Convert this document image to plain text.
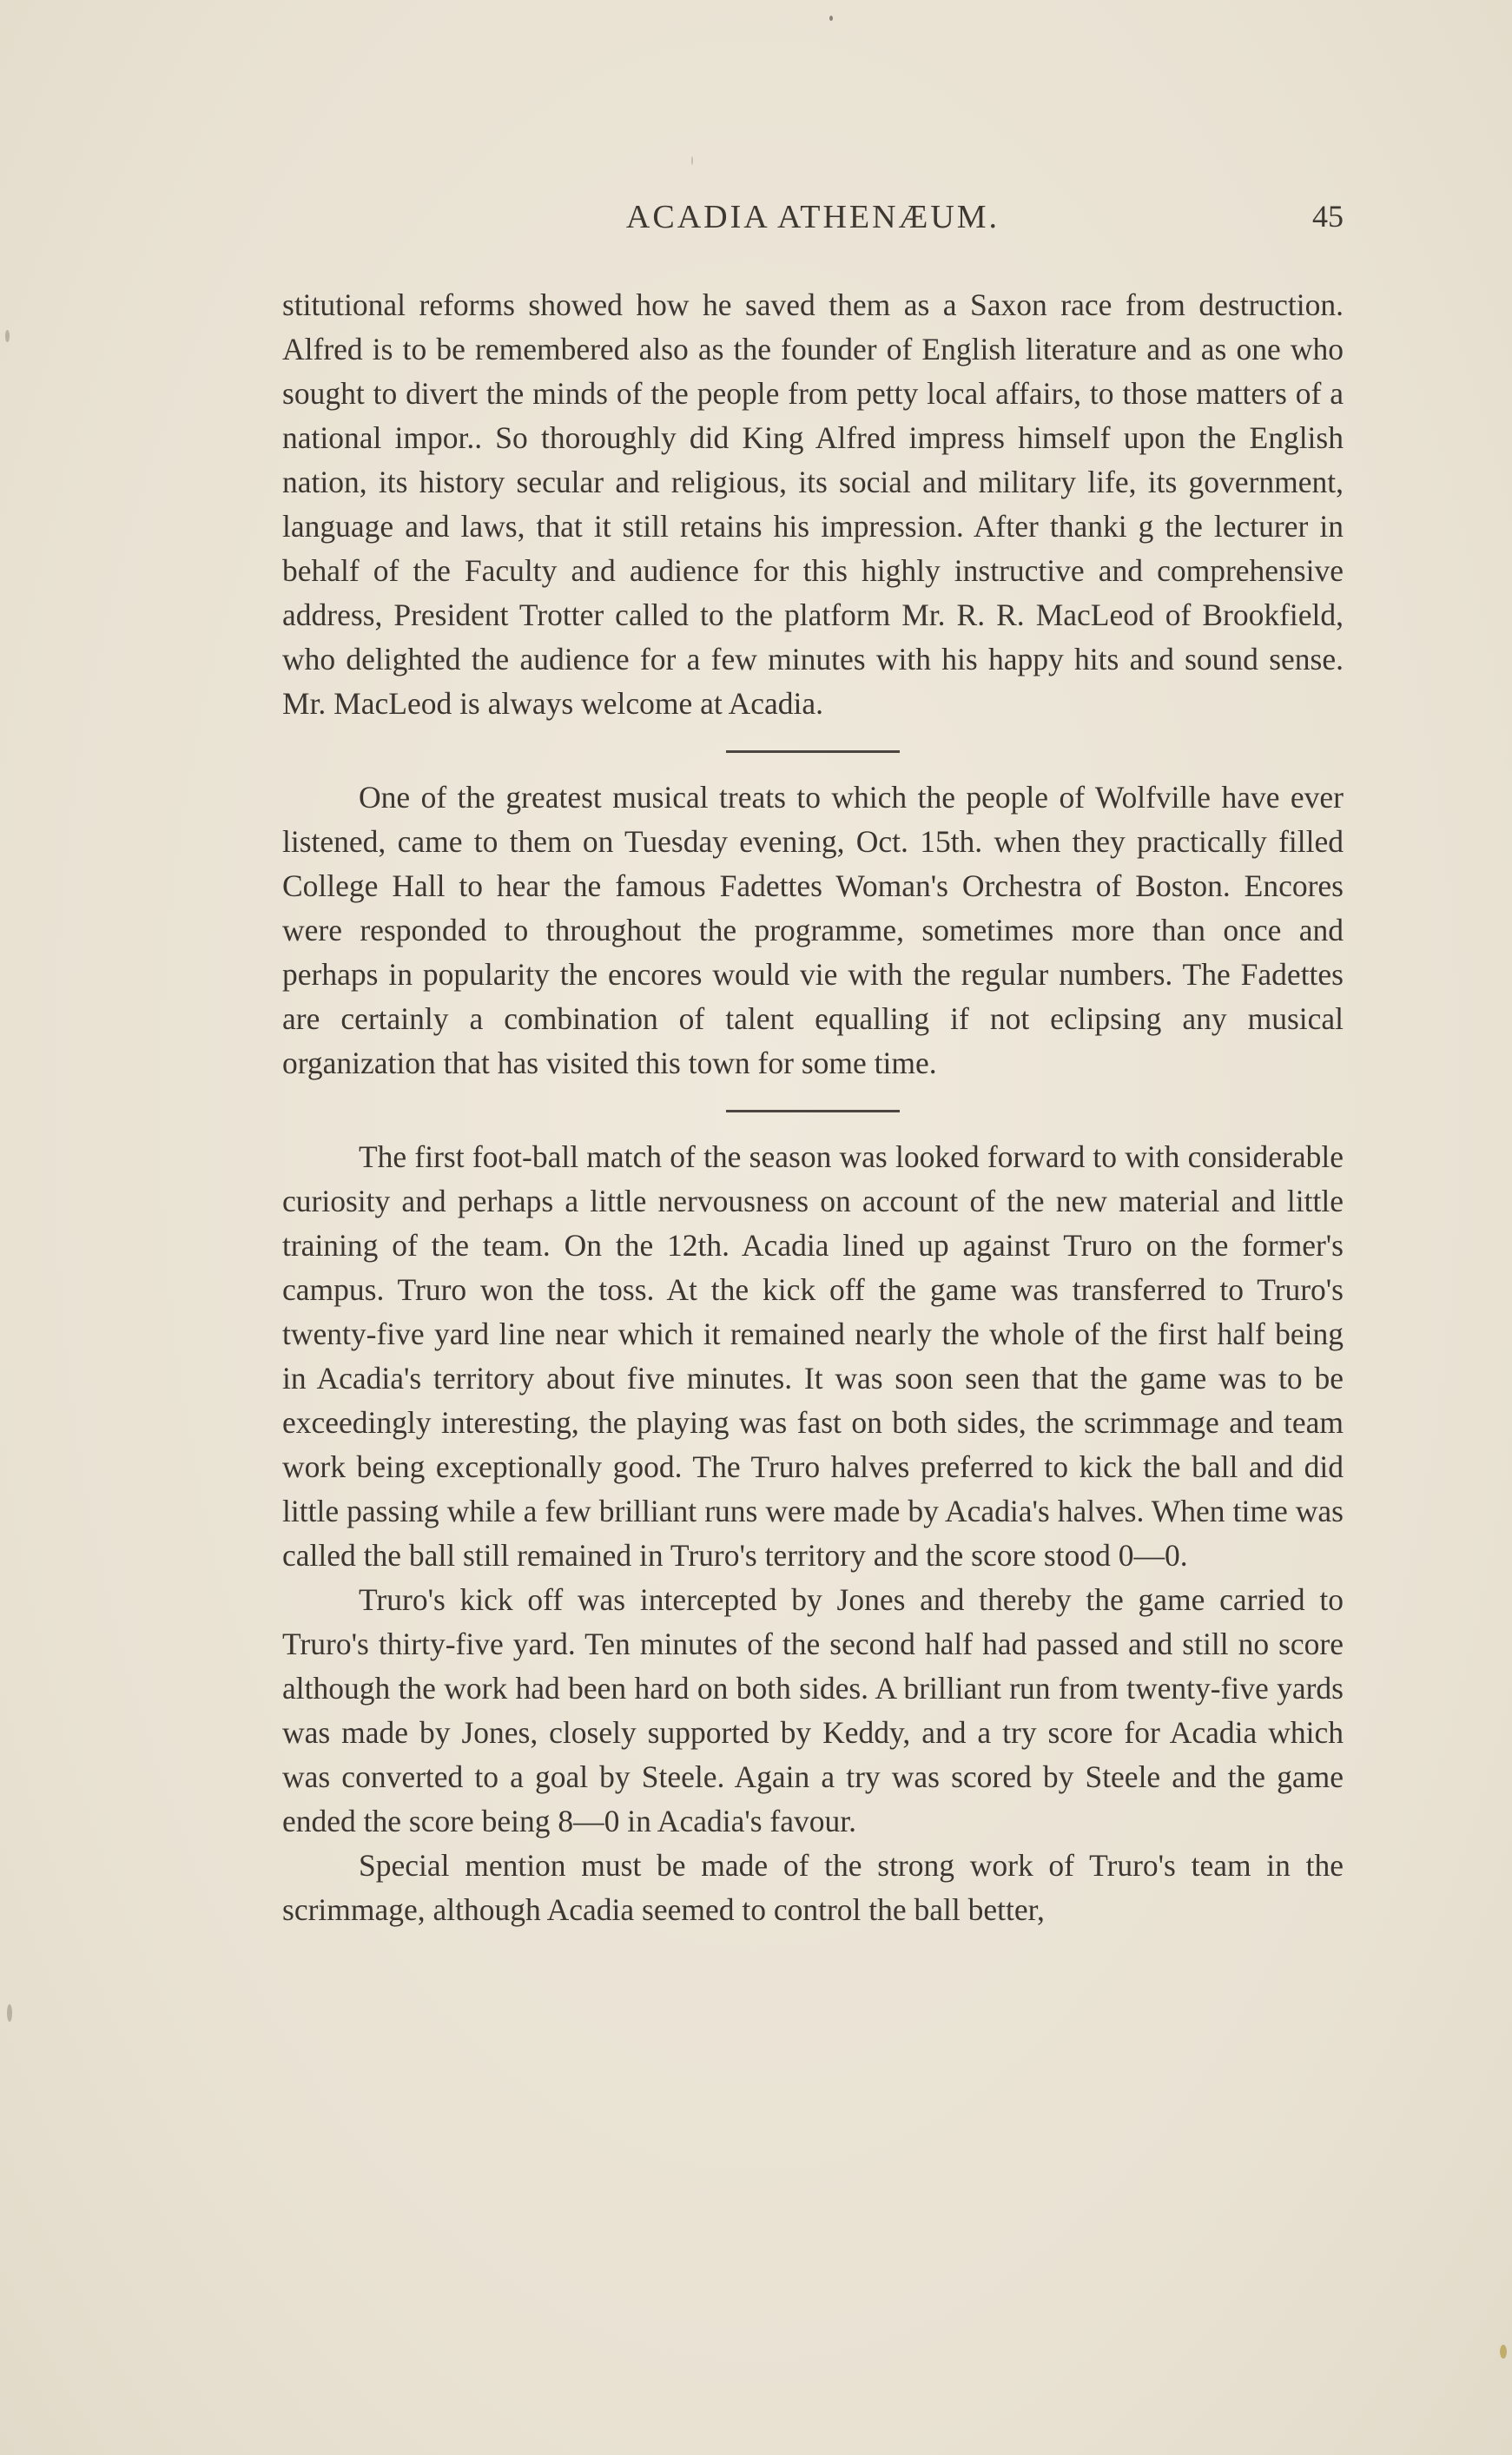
ACADIA ATHENÆUM.	45

stitutional reforms showed how he saved them as a Saxon race from destruction. Alfred is to be remembered also as the founder of English literature and as one who sought to divert the minds of the people from petty local affairs, to those matters of a national impor.. So thoroughly did King Alfred impress himself upon the English nation, its history secular and religious, its social and military life, its government, language and laws, that it still retains his impression. After thanki g the lecturer in behalf of the Faculty and audience for this highly instructive and comprehensive address, President Trotter called to the platform Mr. R. R. MacLeod of Brookfield, who delighted the audience for a few minutes with his happy hits and sound sense. Mr. MacLeod is always welcome at Acadia.

One of the greatest musical treats to which the people of Wolfville have ever listened, came to them on Tuesday evening, Oct. 15th. when they practically filled College Hall to hear the famous Fadettes Woman's Orchestra of Boston. Encores were responded to throughout the programme, sometimes more than once and perhaps in popularity the encores would vie with the regular numbers. The Fadettes are certainly a combination of talent equalling if not eclipsing any musical organization that has visited this town for some time.

The first foot-ball match of the season was looked forward to with considerable curiosity and perhaps a little nervousness on account of the new material and little training of the team. On the 12th. Acadia lined up against Truro on the former's campus. Truro won the toss. At the kick off the game was transferred to Truro's twenty-five yard line near which it remained nearly the whole of the first half being in Acadia's territory about five minutes. It was soon seen that the game was to be exceedingly interesting, the playing was fast on both sides, the scrimmage and team work being exceptionally good. The Truro halves preferred to kick the ball and did little passing while a few brilliant runs were made by Acadia's halves. When time was called the ball still remained in Truro's territory and the score stood 0—0.

Truro's kick off was intercepted by Jones and thereby the game carried to Truro's thirty-five yard. Ten minutes of the second half had passed and still no score although the work had been hard on both sides. A brilliant run from twenty-five yards was made by Jones, closely supported by Keddy, and a try score for Acadia which was converted to a goal by Steele. Again a try was scored by Steele and the game ended the score being 8—0 in Acadia's favour.

Special mention must be made of the strong work of Truro's team in the scrimmage, although Acadia seemed to control the ball better,
